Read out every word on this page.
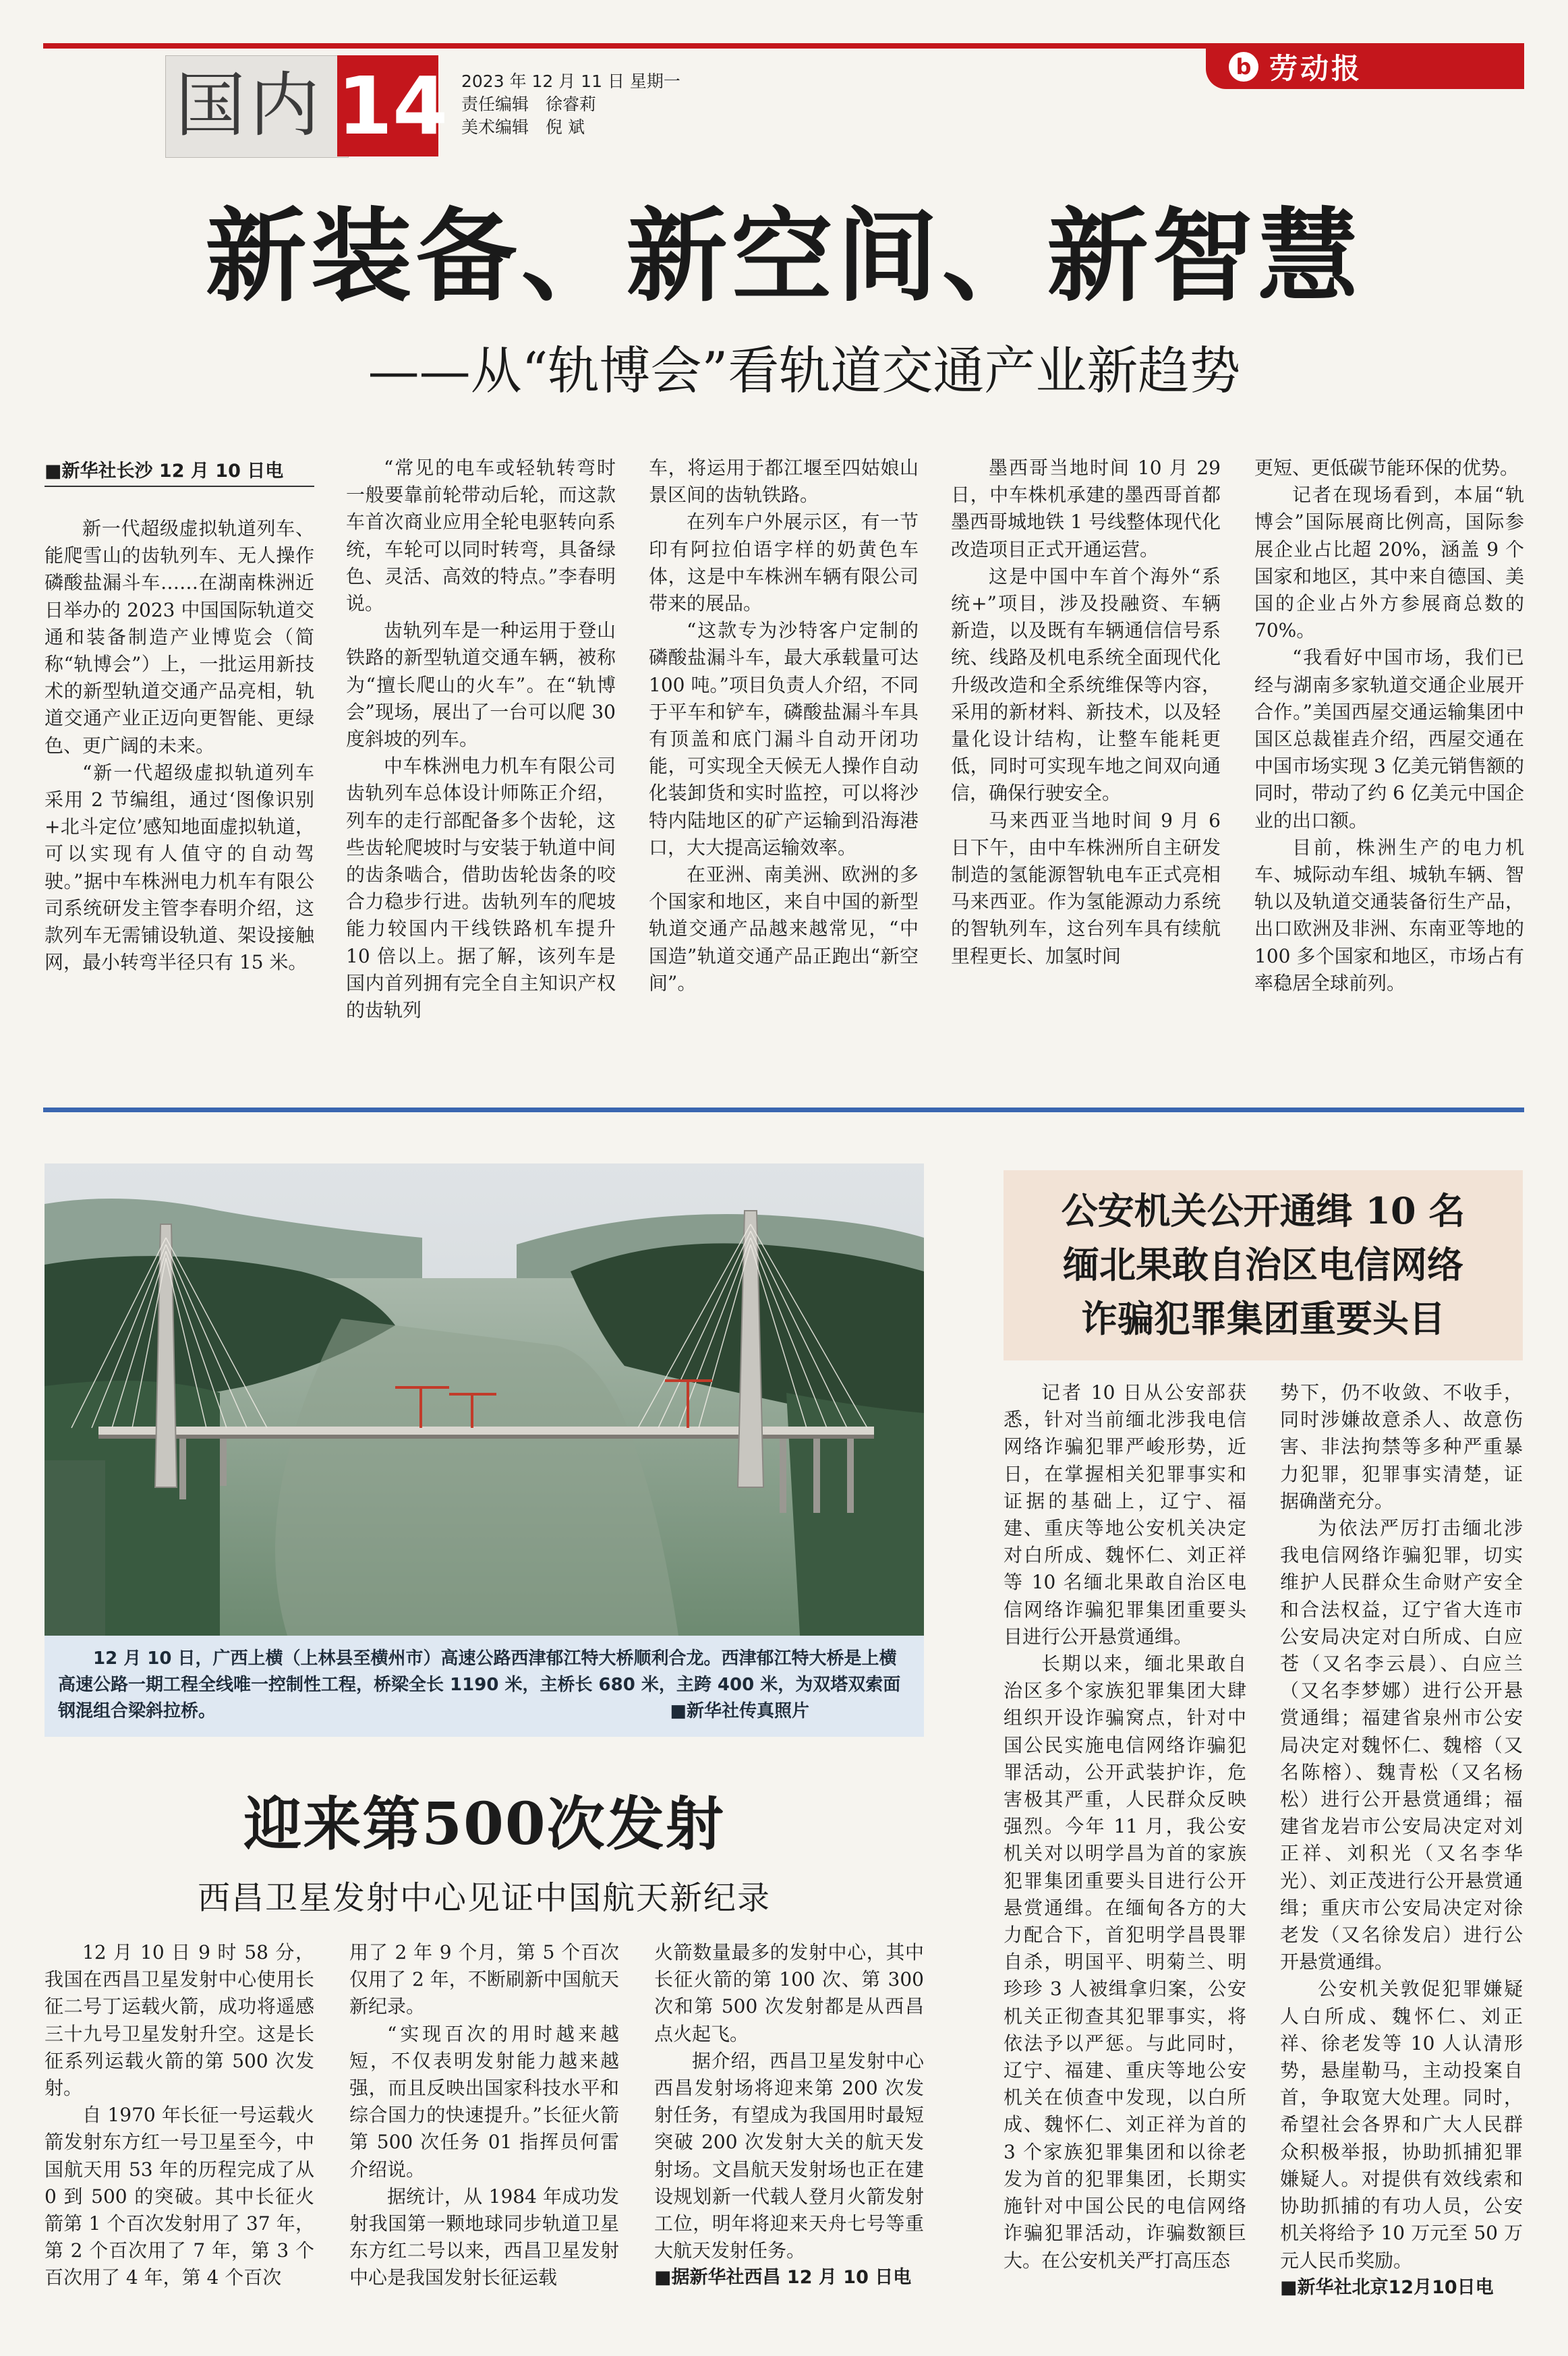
国内 14 2023 年 12 月 11 日 星期一
责任编辑　徐睿莉
美术编辑　倪 斌
b 劳动报
新装备、新空间、新智慧
——从“轨博会”看轨道交通产业新趋势
■新华社长沙 12 月 10 日电

新一代超级虚拟轨道列车、能爬雪山的齿轨列车、无人操作磷酸盐漏斗车……在湖南株洲近日举办的 2023 中国国际轨道交通和装备制造产业博览会（简称“轨博会”）上，一批运用新技术的新型轨道交通产品亮相，轨道交通产业正迈向更智能、更绿色、更广阔的未来。

“新一代超级虚拟轨道列车采用 2 节编组，通过‘图像识别+北斗定位’感知地面虚拟轨道，可以实现有人值守的自动驾驶。”据中车株洲电力机车有限公司系统研发主管李春明介绍，这款列车无需铺设轨道、架设接触网，最小转弯半径只有 15 米。

“常见的电车或轻轨转弯时一般要靠前轮带动后轮，而这款车首次商业应用全轮电驱转向系统，车轮可以同时转弯，具备绿色、灵活、高效的特点。”李春明说。

齿轨列车是一种运用于登山铁路的新型轨道交通车辆，被称为“擅长爬山的火车”。在“轨博会”现场，展出了一台可以爬 30 度斜坡的列车。

中车株洲电力机车有限公司齿轨列车总体设计师陈正介绍，列车的走行部配备多个齿轮，这些齿轮爬坡时与安装于轨道中间的齿条啮合，借助齿轮齿条的咬合力稳步行进。齿轨列车的爬坡能力较国内干线铁路机车提升 10 倍以上。据了解，该列车是国内首列拥有完全自主知识产权的齿轨列

车，将运用于都江堰至四姑娘山景区间的齿轨铁路。

在列车户外展示区，有一节印有阿拉伯语字样的奶黄色车体，这是中车株洲车辆有限公司带来的展品。

“这款专为沙特客户定制的磷酸盐漏斗车，最大承载量可达 100 吨。”项目负责人介绍，不同于平车和铲车，磷酸盐漏斗车具有顶盖和底门漏斗自动开闭功能，可实现全天候无人操作自动化装卸货和实时监控，可以将沙特内陆地区的矿产运输到沿海港口，大大提高运输效率。

在亚洲、南美洲、欧洲的多个国家和地区，来自中国的新型轨道交通产品越来越常见，“中国造”轨道交通产品正跑出“新空间”。

墨西哥当地时间 10 月 29 日，中车株机承建的墨西哥首都墨西哥城地铁 1 号线整体现代化改造项目正式开通运营。

这是中国中车首个海外“系统+”项目，涉及投融资、车辆新造，以及既有车辆通信信号系统、线路及机电系统全面现代化升级改造和全系统维保等内容，采用的新材料、新技术，以及轻量化设计结构，让整车能耗更低，同时可实现车地之间双向通信，确保行驶安全。

马来西亚当地时间 9 月 6 日下午，由中车株洲所自主研发制造的氢能源智轨电车正式亮相马来西亚。作为氢能源动力系统的智轨列车，这台列车具有续航里程更长、加氢时间

更短、更低碳节能环保的优势。

记者在现场看到，本届“轨博会”国际展商比例高，国际参展企业占比超 20%，涵盖 9 个国家和地区，其中来自德国、美国的企业占外方参展商总数的 70%。

“我看好中国市场，我们已经与湖南多家轨道交通企业展开合作。”美国西屋交通运输集团中国区总裁崔垚介绍，西屋交通在中国市场实现 3 亿美元销售额的同时，带动了约 6 亿美元中国企业的出口额。

目前，株洲生产的电力机车、城际动车组、城轨车辆、智轨以及轨道交通装备衍生产品，出口欧洲及非洲、东南亚等地的 100 多个国家和地区，市场占有率稳居全球前列。

12 月 10 日，广西上横（上林县至横州市）高速公路西津郁江特大桥顺利合龙。西津郁江特大桥是上横高速公路一期工程全线唯一控制性工程，桥梁全长 1190 米，主桥长 680 米，主跨 400 米，为双塔双索面钢混组合梁斜拉桥。	■新华社传真照片
迎来第500次发射
西昌卫星发射中心见证中国航天新纪录

12 月 10 日 9 时 58 分，我国在西昌卫星发射中心使用长征二号丁运载火箭，成功将遥感三十九号卫星发射升空。这是长征系列运载火箭的第 500 次发射。

自 1970 年长征一号运载火箭发射东方红一号卫星至今，中国航天用 53 年的历程完成了从 0 到 500 的突破。其中长征火箭第 1 个百次发射用了 37 年，第 2 个百次用了 7 年，第 3 个百次用了 4 年，第 4 个百次

用了 2 年 9 个月，第 5 个百次仅用了 2 年，不断刷新中国航天新纪录。

“实现百次的用时越来越短，不仅表明发射能力越来越强，而且反映出国家科技水平和综合国力的快速提升。”长征火箭第 500 次任务 01 指挥员何雷介绍说。

据统计，从 1984 年成功发射我国第一颗地球同步轨道卫星东方红二号以来，西昌卫星发射中心是我国发射长征运载

火箭数量最多的发射中心，其中长征火箭的第 100 次、第 300 次和第 500 次发射都是从西昌点火起飞。

据介绍，西昌卫星发射中心西昌发射场将迎来第 200 次发射任务，有望成为我国用时最短突破 200 次发射大关的航天发射场。文昌航天发射场也正在建设规划新一代载人登月火箭发射工位，明年将迎来天舟七号等重大航天发射任务。

■据新华社西昌 12 月 10 日电
公安机关公开通缉 10 名
缅北果敢自治区电信网络
诈骗犯罪集团重要头目

记者 10 日从公安部获悉，针对当前缅北涉我电信网络诈骗犯罪严峻形势，近日，在掌握相关犯罪事实和证据的基础上，辽宁、福建、重庆等地公安机关决定对白所成、魏怀仁、刘正祥等 10 名缅北果敢自治区电信网络诈骗犯罪集团重要头目进行公开悬赏通缉。

长期以来，缅北果敢自治区多个家族犯罪集团大肆组织开设诈骗窝点，针对中国公民实施电信网络诈骗犯罪活动，公开武装护诈，危害极其严重，人民群众反映强烈。今年 11 月，我公安机关对以明学昌为首的家族犯罪集团重要头目进行公开悬赏通缉。在缅甸各方的大力配合下，首犯明学昌畏罪自杀，明国平、明菊兰、明珍珍 3 人被缉拿归案，公安机关正彻查其犯罪事实，将依法予以严惩。与此同时，辽宁、福建、重庆等地公安机关在侦查中发现，以白所成、魏怀仁、刘正祥为首的 3 个家族犯罪集团和以徐老发为首的犯罪集团，长期实施针对中国公民的电信网络诈骗犯罪活动，诈骗数额巨大。在公安机关严打高压态

势下，仍不收敛、不收手，同时涉嫌故意杀人、故意伤害、非法拘禁等多种严重暴力犯罪，犯罪事实清楚，证据确凿充分。

为依法严厉打击缅北涉我电信网络诈骗犯罪，切实维护人民群众生命财产安全和合法权益，辽宁省大连市公安局决定对白所成、白应苍（又名李云晨）、白应兰（又名李梦娜）进行公开悬赏通缉；福建省泉州市公安局决定对魏怀仁、魏榕（又名陈榕）、魏青松（又名杨松）进行公开悬赏通缉；福建省龙岩市公安局决定对刘正祥、刘积光（又名李华光）、刘正茂进行公开悬赏通缉；重庆市公安局决定对徐老发（又名徐发启）进行公开悬赏通缉。

公安机关敦促犯罪嫌疑人白所成、魏怀仁、刘正祥、徐老发等 10 人认清形势，悬崖勒马，主动投案自首，争取宽大处理。同时，希望社会各界和广大人民群众积极举报，协助抓捕犯罪嫌疑人。对提供有效线索和协助抓捕的有功人员，公安机关将给予 10 万元至 50 万元人民币奖励。

■新华社北京12月10日电
